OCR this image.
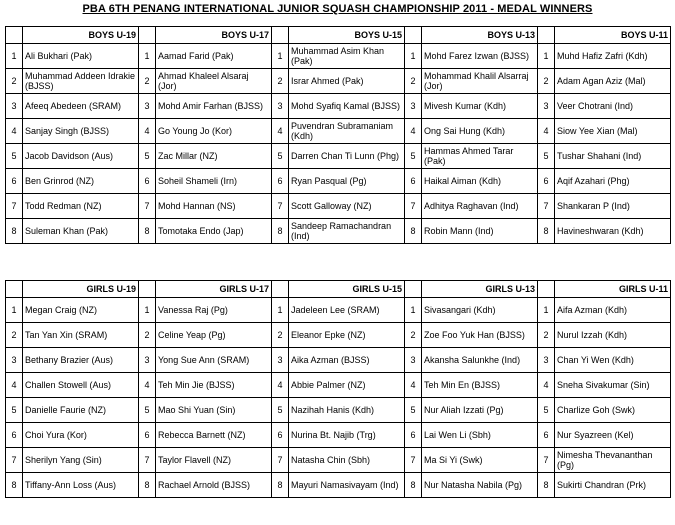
PBA 6TH PENANG INTERNATIONAL JUNIOR SQUASH CHAMPIONSHIP 2011 - MEDAL WINNERS
	BOYS U-19		BOYS U-17		BOYS U-15		BOYS U-13		BOYS U-11
1	Ali Bukhari (Pak)	1	Aamad Farid (Pak)	1	Muhammad Asim Khan (Pak)	1	Mohd Farez Izwan (BJSS)	1	Muhd Hafiz Zafri (Kdh)
2	Muhammad Addeen Idrakie (BJSS)	2	Ahmad Khaleel Alsaraj (Jor)	2	Israr Ahmed (Pak)	2	Mohammad Khalil Alsarraj (Jor)	2	Adam Agan Aziz (Mal)
3	Afeeq Abedeen (SRAM)	3	Mohd Amir Farhan (BJSS)	3	Mohd Syafiq Kamal (BJSS)	3	Mivesh Kumar (Kdh)	3	Veer Chotrani (Ind)
4	Sanjay Singh (BJSS)	4	Go Young Jo (Kor)	4	Puvendran Subramaniam (Kdh)	4	Ong Sai Hung (Kdh)	4	Siow Yee Xian (Mal)
5	Jacob Davidson (Aus)	5	Zac Millar (NZ)	5	Darren Chan Ti Lunn (Phg)	5	Hammas Ahmed Tarar (Pak)	5	Tushar Shahani (Ind)
6	Ben Grinrod (NZ)	6	Soheil Shameli (Irn)	6	Ryan Pasqual (Pg)	6	Haikal Aiman (Kdh)	6	Aqif Azahari (Phg)
7	Todd Redman (NZ)	7	Mohd Hannan (NS)	7	Scott Galloway (NZ)	7	Adhitya Raghavan (Ind)	7	Shankaran P (Ind)
8	Suleman Khan (Pak)	8	Tomotaka Endo (Jap)	8	Sandeep Ramachandran (Ind)	8	Robin Mann (Ind)	8	Havineshwaran (Kdh)
	GIRLS U-19		GIRLS U-17		GIRLS U-15		GIRLS U-13		GIRLS U-11
1	Megan Craig (NZ)	1	Vanessa Raj (Pg)	1	Jadeleen Lee (SRAM)	1	Sivasangari (Kdh)	1	Aifa Azman (Kdh)
2	Tan Yan Xin (SRAM)	2	Celine Yeap (Pg)	2	Eleanor Epke (NZ)	2	Zoe Foo Yuk Han (BJSS)	2	Nurul Izzah (Kdh)
3	Bethany Brazier (Aus)	3	Yong Sue Ann (SRAM)	3	Aika Azman (BJSS)	3	Akansha Salunkhe (Ind)	3	Chan Yi Wen (Kdh)
4	Challen Stowell (Aus)	4	Teh Min Jie (BJSS)	4	Abbie Palmer (NZ)	4	Teh Min En (BJSS)	4	Sneha Sivakumar (Sin)
5	Danielle Faurie (NZ)	5	Mao Shi Yuan (Sin)	5	Nazihah Hanis (Kdh)	5	Nur Aliah Izzati (Pg)	5	Charlize Goh (Swk)
6	Choi Yura (Kor)	6	Rebecca Barnett (NZ)	6	Nurina Bt. Najib (Trg)	6	Lai Wen Li (Sbh)	6	Nur Syazreen (Kel)
7	Sherilyn Yang (Sin)	7	Taylor Flavell (NZ)	7	Natasha Chin (Sbh)	7	Ma Si Yi (Swk)	7	Nimesha Thevananthan (Pg)
8	Tiffany-Ann Loss (Aus)	8	Rachael Arnold (BJSS)	8	Mayuri Namasivayam (Ind)	8	Nur Natasha Nabila (Pg)	8	Sukirti Chandran (Prk)
